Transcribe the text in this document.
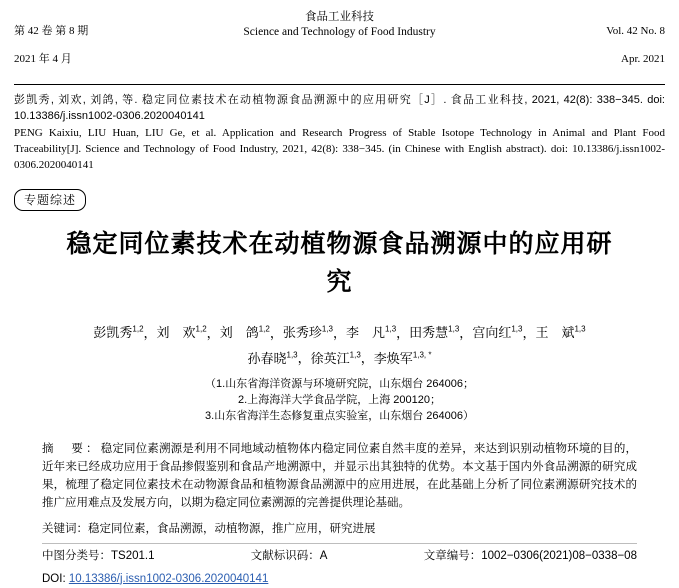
第 42 卷 第 8 期

2021 年 4 月

食品工业科技
Science and Technology of Food Industry	Vol. 42 No. 8

Apr. 2021

彭凯秀, 刘欢, 刘鸽, 等. 稳定同位素技术在动植物源食品溯源中的应用研究［J］. 食品工业科技, 2021, 42(8): 338−345. doi: 10.13386/j.issn1002-0306.2020040141

PENG Kaixiu, LIU Huan, LIU Ge, et al. Application and Research Progress of Stable Isotope Technology in Animal and Plant Food Traceability[J]. Science and Technology of Food Industry, 2021, 42(8): 338−345. (in Chinese with English abstract). doi: 10.13386/j.issn1002-0306.2020040141

专题综述
稳定同位素技术在动植物源食品溯源中的应用研究
彭凯秀$^{1,2}$，刘　欢$^{1,2}$，刘　鸽$^{1,2}$，张秀珍$^{1,3}$，李　凡$^{1,3}$，田秀慧$^{1,3}$，宫向红$^{1,3}$，王　斌$^{1,3}$
孙春晓$^{1,3}$，徐英江$^{1,3}$，李焕军$^{1,3, *}$
（1.山东省海洋资源与环境研究院，山东烟台 264006；
2.上海海洋大学食品学院，上海 200120；
3.山东省海洋生态修复重点实验室，山东烟台 264006）
摘　要：稳定同位素溯源是利用不同地域动植物体内稳定同位素自然丰度的差异，来达到识别动植物环境的目的，近年来已经成功应用于食品掺假鉴别和食品产地溯源中，并显示出其独特的优势。本文基于国内外食品溯源的研究成果，梳理了稳定同位素技术在动物源食品和植物源食品溯源中的应用进展，在此基础上分析了同位素溯源研究技术的推广应用难点及发展方向，以期为稳定同位素溯源的完善提供理论基础。
关键词：稳定同位素，食品溯源，动植物源，推广应用，研究进展
中图分类号：TS201.1	文献标识码：A	文章编号：1002−0306(2021)08−0338−08
DOI: 10.13386/j.issn1002-0306.2020040141
